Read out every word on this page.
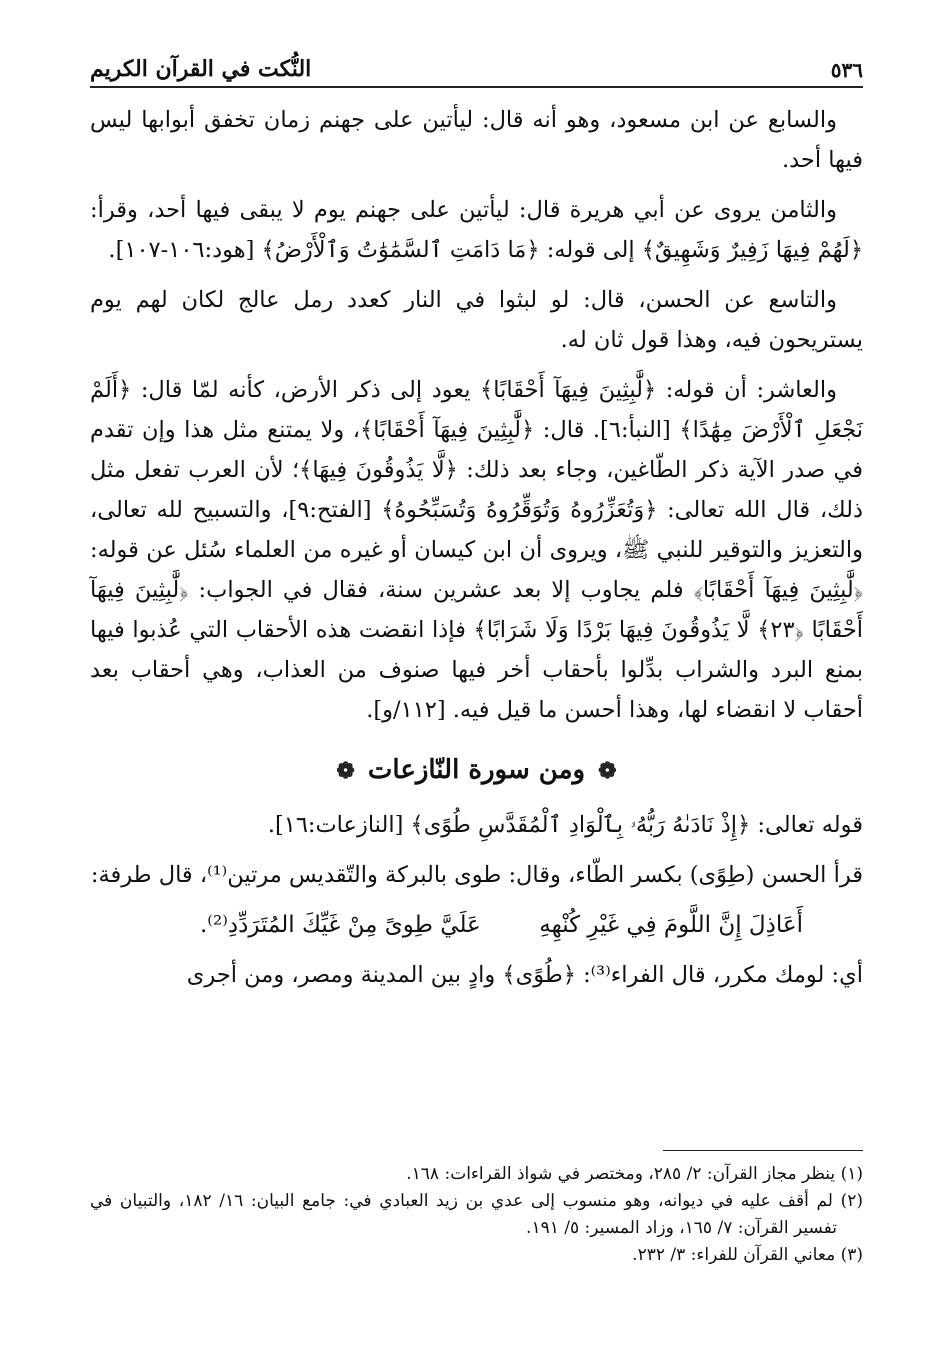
٥٣٦
النُّكت في القرآن الكريم

والسابع عن ابن مسعود، وهو أنه قال: ليأتين على جهنم زمان تخفق أبوابها ليس فيها أحد.

والثامن يروى عن أبي هريرة قال: ليأتين على جهنم يوم لا يبقى فيها أحد، وقرأ: ﴿لَهُمْ فِيهَا زَفِيرٌ وَشَهِيقٌ﴾ إلى قوله: ﴿مَا دَامَتِ ٱلسَّمَٰوَٰتُ وَٱلْأَرْضُ﴾ [هود:١٠٦-١٠٧].

والتاسع عن الحسن، قال: لو لبثوا في النار كعدد رمل عالج لكان لهم يوم يستريحون فيه، وهذا قول ثان له.

والعاشر: أن قوله: ﴿لَّٰبِثِينَ فِيهَآ أَحْقَابًا﴾ يعود إلى ذكر الأرض، كأنه لمّا قال: ﴿أَلَمْ نَجْعَلِ ٱلْأَرْضَ مِهَٰدًا﴾ [النبأ:٦]. قال: ﴿لَّٰبِثِينَ فِيهَآ أَحْقَابًا﴾، ولا يمتنع مثل هذا وإن تقدم في صدر الآية ذكر الطّاغين، وجاء بعد ذلك: ﴿لَّا يَذُوقُونَ فِيهَا﴾؛ لأن العرب تفعل مثل ذلك، قال الله تعالى: ﴿وَتُعَزِّرُوهُ وَتُوَقِّرُوهُ وَتُسَبِّحُوهُ﴾ [الفتح:٩]، والتسبيح لله تعالى، والتعزيز والتوقير للنبي ﷺ، ويروى أن ابن كيسان أو غيره من العلماء سُئل عن قوله: ﴿لَّٰبِثِينَ فِيهَآ أَحْقَابًا﴾ فلم يجاوب إلا بعد عشرين سنة، فقال في الجواب: ﴿لَّٰبِثِينَ فِيهَآ أَحْقَابًا ﴿٢٣﴾ لَّا يَذُوقُونَ فِيهَا بَرْدًا وَلَا شَرَابًا﴾ فإذا انقضت هذه الأحقاب التي عُذبوا فيها بمنع البرد والشراب بدِّلوا بأحقاب أخر فيها صنوف من العذاب، وهي أحقاب بعد أحقاب لا انقضاء لها، وهذا أحسن ما قيل فيه. [١١٢/و].

❁ ومن سورة النّازعات ❁

قوله تعالى: ﴿إِذْ نَادَىٰهُ رَبُّهُۥ بِٱلْوَادِ ٱلْمُقَدَّسِ طُوًى﴾ [النازعات:١٦].

قرأ الحسن (طِوًى) بكسر الطّاء، وقال: طوى بالبركة والتّقديس مرتين⁽¹⁾، قال طرفة:

أَعَاذِلَ إِنَّ اللَّومَ فِي غَيْرِ كُنْهِهِ
عَلَيَّ طِوىً مِنْ غَيِّكَ المُتَرَدِّدِ⁽²⁾.

أي: لومك مكرر، قال الفراء⁽³⁾: ﴿طُوًى﴾ وادٍ بين المدينة ومصر، ومن أجرى

(١) ينظر مجاز القرآن: ٢/ ٢٨٥، ومختصر في شواذ القراءات: ١٦٨.

(٢) لم أقف عليه في ديوانه، وهو منسوب إلى عدي بن زيد العبادي في: جامع البيان: ١٦/ ١٨٢، والتبيان في تفسير القرآن: ٧/ ١٦٥، وزاد المسير: ٥/ ١٩١.

(٣) معاني القرآن للفراء: ٣/ ٢٣٢.
